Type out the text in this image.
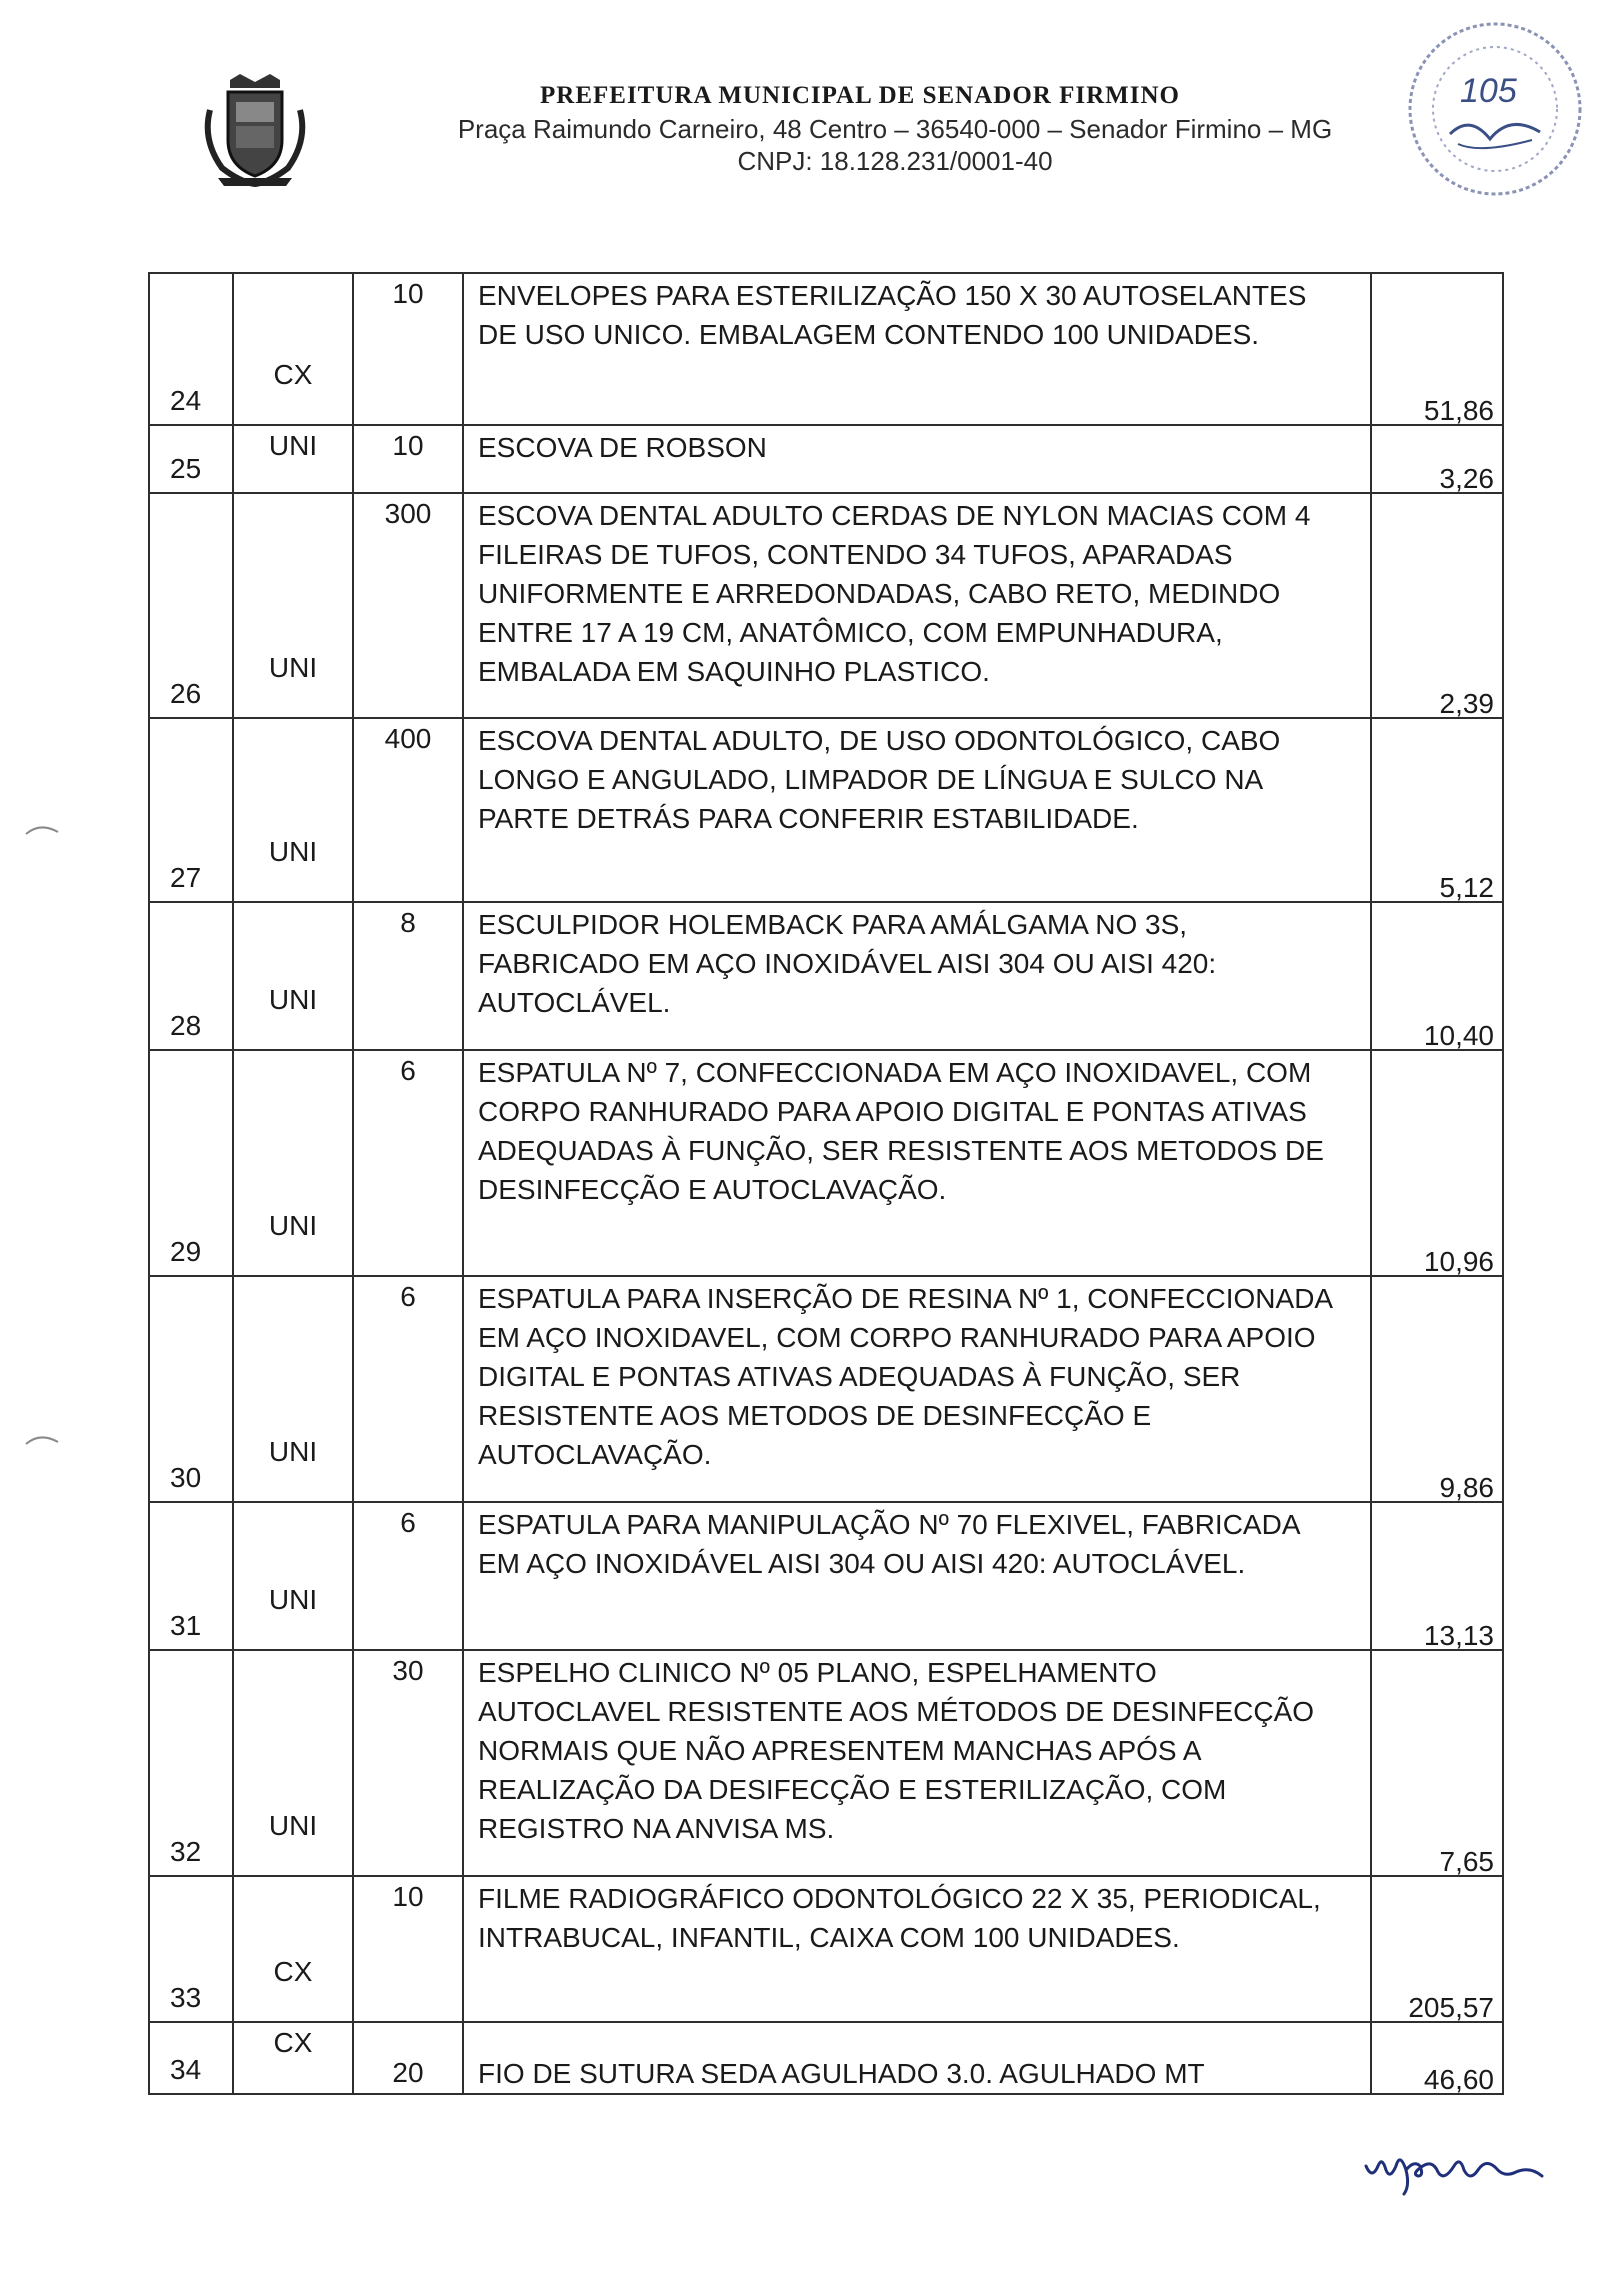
PREFEITURA MUNICIPAL DE SENADOR FIRMINO
Praça Raimundo Carneiro, 48 Centro – 36540-000 – Senador Firmino – MG
CNPJ: 18.128.231/0001-40
105
24	CX	10	ENVELOPES PARA ESTERILIZAÇÃO 150 X 30 AUTOSELANTES DE USO UNICO. EMBALAGEM CONTENDO 100 UNIDADES.	51,86

25	UNI	10	ESCOVA DE ROBSON	3,26

26	UNI	300	ESCOVA DENTAL ADULTO CERDAS DE NYLON MACIAS COM 4 FILEIRAS DE TUFOS, CONTENDO 34 TUFOS, APARADAS UNIFORMENTE E ARREDONDADAS, CABO RETO, MEDINDO ENTRE 17 A 19 CM, ANATÔMICO, COM EMPUNHADURA, EMBALADA EM SAQUINHO PLASTICO.	2,39

27	UNI	400	ESCOVA DENTAL ADULTO, DE USO ODONTOLÓGICO, CABO LONGO E ANGULADO, LIMPADOR DE LÍNGUA E SULCO NA PARTE DETRÁS PARA CONFERIR ESTABILIDADE.	5,12

28	UNI	8	ESCULPIDOR HOLEMBACK PARA AMÁLGAMA NO 3S, FABRICADO EM AÇO INOXIDÁVEL AISI 304 OU AISI 420: AUTOCLÁVEL.	10,40

29	UNI	6	ESPATULA Nº 7, CONFECCIONADA EM AÇO INOXIDAVEL, COM CORPO RANHURADO PARA APOIO DIGITAL E PONTAS ATIVAS ADEQUADAS À FUNÇÃO, SER RESISTENTE AOS METODOS DE DESINFECÇÃO E AUTOCLAVAÇÃO.	10,96

30	UNI	6	ESPATULA PARA INSERÇÃO DE RESINA Nº 1, CONFECCIONADA EM AÇO INOXIDAVEL, COM CORPO RANHURADO PARA APOIO DIGITAL E PONTAS ATIVAS ADEQUADAS À FUNÇÃO, SER RESISTENTE AOS METODOS DE DESINFECÇÃO E AUTOCLAVAÇÃO.	9,86

31	UNI	6	ESPATULA PARA MANIPULAÇÃO Nº 70 FLEXIVEL, FABRICADA EM AÇO INOXIDÁVEL AISI 304 OU AISI 420: AUTOCLÁVEL.	13,13

32	UNI	30	ESPELHO CLINICO Nº 05 PLANO, ESPELHAMENTO AUTOCLAVEL RESISTENTE AOS MÉTODOS DE DESINFECÇÃO NORMAIS QUE NÃO APRESENTEM MANCHAS APÓS A REALIZAÇÃO DA DESIFECÇÃO E ESTERILIZAÇÃO, COM REGISTRO NA ANVISA MS.	7,65

33	CX	10	FILME RADIOGRÁFICO ODONTOLÓGICO 22 X 35, PERIODICAL, INTRABUCAL, INFANTIL, CAIXA COM 100 UNIDADES.	205,57

34	CX	20	FIO DE SUTURA SEDA AGULHADO 3.0. AGULHADO MT	46,60
